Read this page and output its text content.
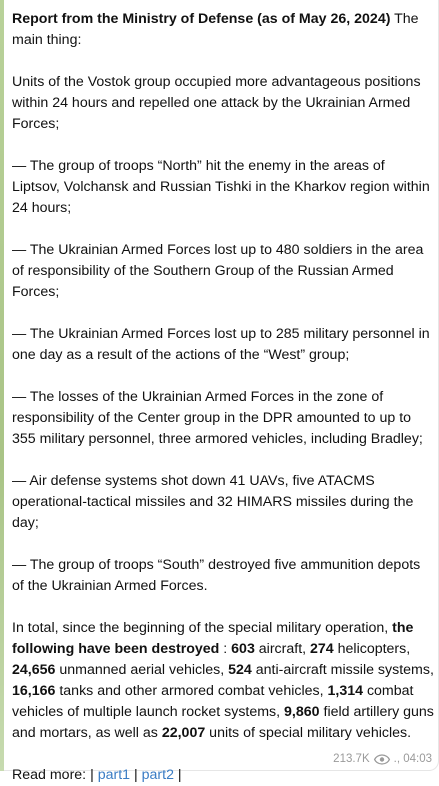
Report from the Ministry of Defense (as of May 26, 2024) The main thing:

Units of the Vostok group occupied more advantageous positions within 24 hours and repelled one attack by the Ukrainian Armed Forces;

— The group of troops “North” hit the enemy in the areas of Liptsov, Volchansk and Russian Tishki in the Kharkov region within 24 hours;

— The Ukrainian Armed Forces lost up to 480 soldiers in the area of responsibility of the Southern Group of the Russian Armed Forces;

— The Ukrainian Armed Forces lost up to 285 military personnel in one day as a result of the actions of the “West” group;

— The losses of the Ukrainian Armed Forces in the zone of responsibility of the Center group in the DPR amounted to up to 355 military personnel, three armored vehicles, including Bradley;

— Air defense systems shot down 41 UAVs, five ATACMS operational-tactical missiles and 32 HIMARS missiles during the day;

— The group of troops “South” destroyed five ammunition depots of the Ukrainian Armed Forces.

In total, since the beginning of the special military operation, the following have been destroyed : 603 aircraft, 274 helicopters, 24,656 unmanned aerial vehicles, 524 anti-aircraft missile systems, 16,166 tanks and other armored combat vehicles, 1,314 combat vehicles of multiple launch rocket systems, 9,860 field artillery guns and mortars, as well as 22,007 units of special military vehicles.

Read more: | part1 | part2 |

213.7K ., 04:03
